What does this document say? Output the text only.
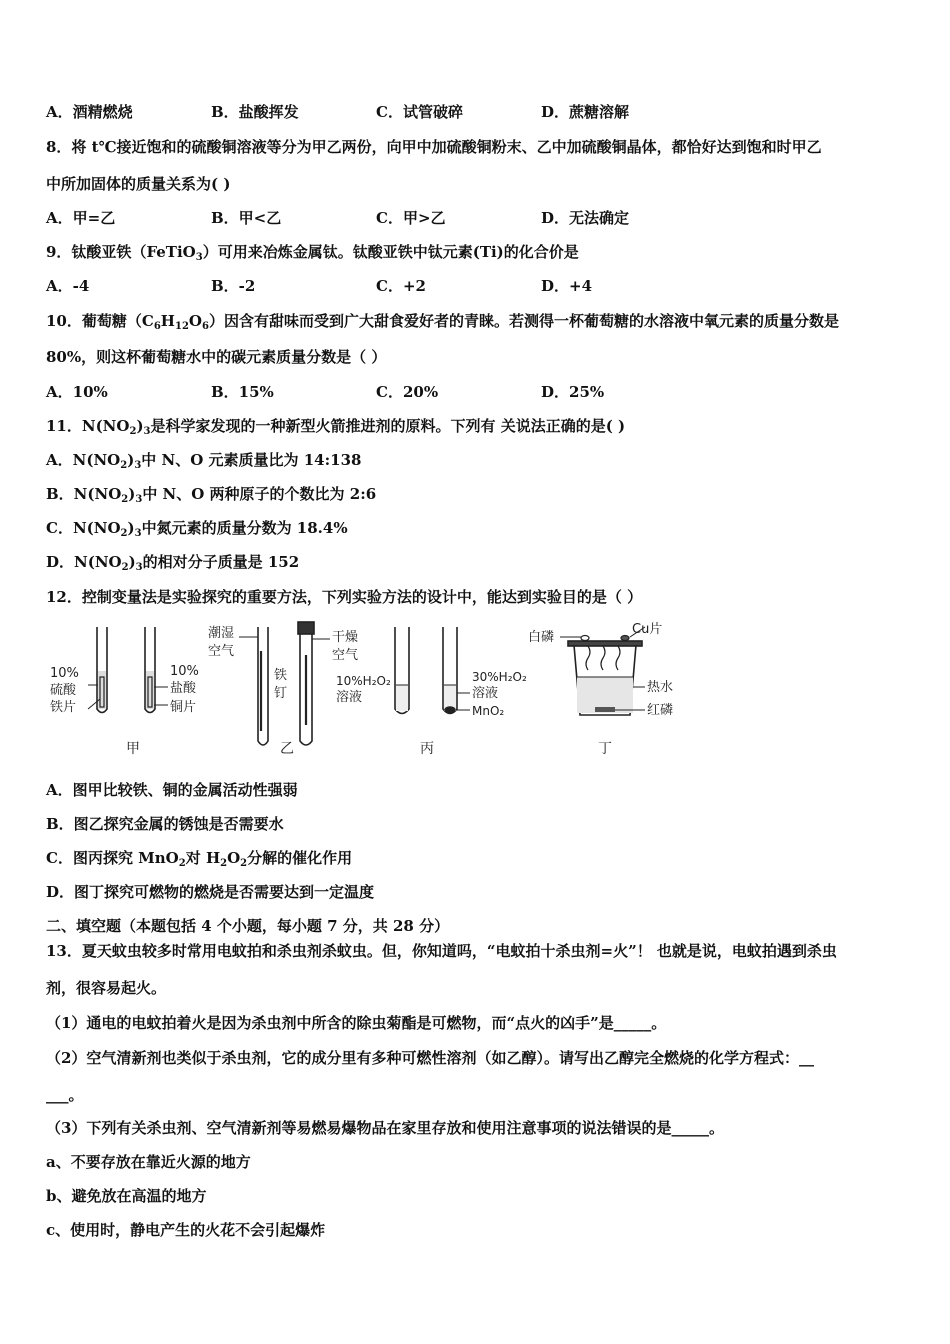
A．酒精燃烧	B．盐酸挥发	C．试管破碎	D．蔗糖溶解
8．将 t℃接近饱和的硫酸铜溶液等分为甲乙两份，向甲中加硫酸铜粉末、乙中加硫酸铜晶体，都恰好达到饱和时甲乙
中所加固体的质量关系为( )
A．甲=乙	B．甲<乙	C．甲>乙	D．无法确定
9．钛酸亚铁（FeTiO$_3$）可用来冶炼金属钛。钛酸亚铁中钛元素(Ti)的化合价是
A．-4	B．-2	C．+2	D．+4
10．葡萄糖$(C_6H_{12}O_6)$因含有甜味而受到广大甜食爱好者的青睐。若测得一杯葡萄糖的水溶液中氧元素的质量分数是
80%，则这杯葡萄糖水中的碳元素质量分数是（ ）
A．10%	B．15%	C．20%	D．25%
11．$N(NO_2)_3$是科学家发现的一种新型火箭推进剂的原料。下列有 关说法正确的是( )
A．$N(NO_2)_3$中 N、O 元素质量比为 14:138
B．$N(NO_2)_3$中 N、O 两种原子的个数比为 2:6
C．$N(NO_2)_3$中氮元素的质量分数为 18.4%
D．$N(NO_2)_3$的相对分子质量是 152
12．控制变量法是实验探究的重要方法，下列实验方法的设计中，能达到实验目的是（ ）
10%
硫酸
铁片
10%
盐酸
铜片
甲
潮湿
空气
铁
钉
干燥
空气
乙
10%H₂O₂
溶液
30%H₂O₂
溶液
MnO₂
丙
白磷
Cu片
热水
红磷
丁
A．图甲比较铁、铜的金属活动性强弱
B．图乙探究金属的锈蚀是否需要水
C．图丙探究 MnO$_2$对 $H_2O_2$分解的催化作用
D．图丁探究可燃物的燃烧是否需要达到一定温度
二、填空题（本题包括 4 个小题，每小题 7 分，共 28 分）
13．夏天蚊虫较多时常用电蚊拍和杀虫剂杀蚊虫。但，你知道吗，“电蚊拍十杀虫剂=火”！ 也就是说，电蚊拍遇到杀虫
剂，很容易起火。
（1）通电的电蚊拍着火是因为杀虫剂中所含的除虫菊酯是可燃物，而“点火的凶手”是_____。
（2）空气清新剂也类似于杀虫剂，它的成分里有多种可燃性溶剂（如乙醇）。请写出乙醇完全燃烧的化学方程式：__
___。
（3）下列有关杀虫剂、空气清新剂等易燃易爆物品在家里存放和使用注意事项的说法错误的是_____。
a、不要存放在靠近火源的地方
b、避免放在高温的地方
c、使用时，静电产生的火花不会引起爆炸
